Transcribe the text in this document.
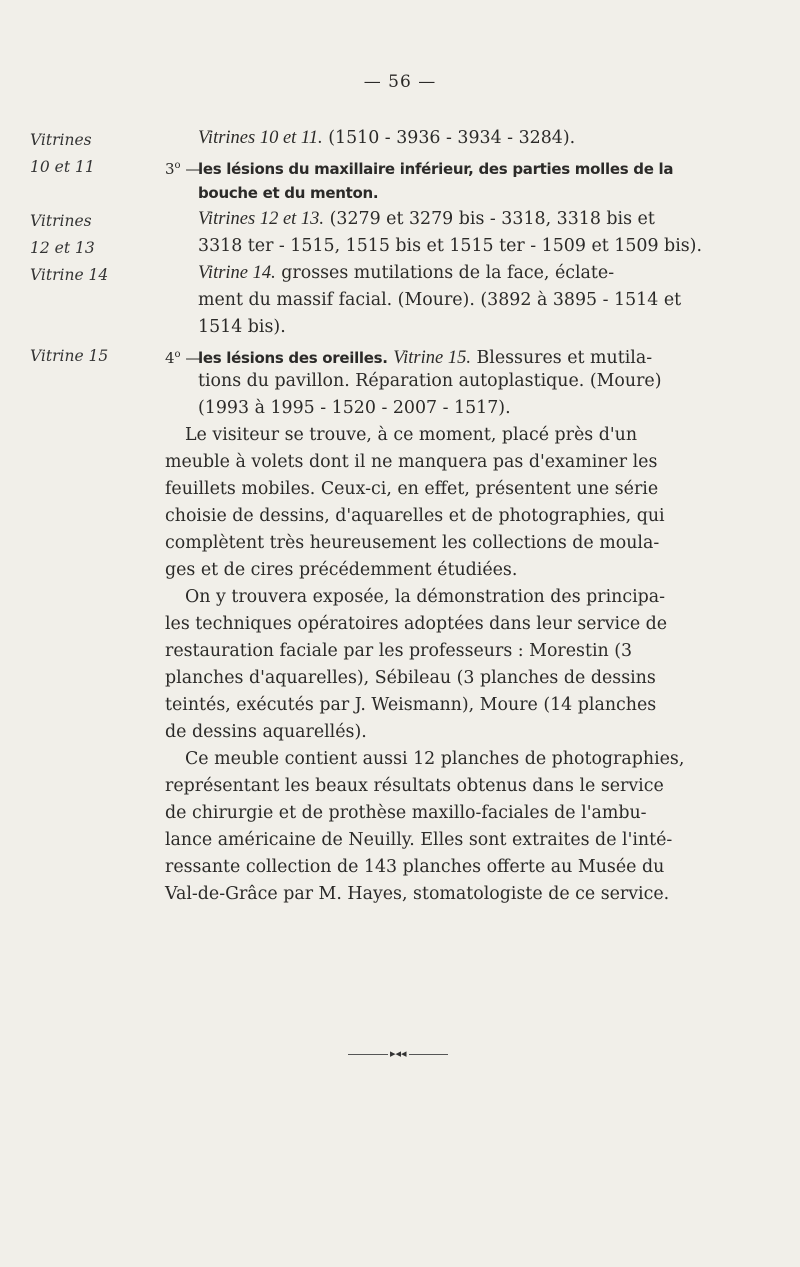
— 56 —
Vitrines
10 et 11
Vitrines
12 et 13
Vitrine 14
Vitrine 15
Vitrines 10 et 11. (1510 - 3936 - 3934 - 3284).
3$^o$ —les lésions du maxillaire inférieur, des parties molles de la
bouche et du menton.
Vitrines 12 et 13. (3279 et 3279 bis - 3318, 3318 bis et
3318 ter - 1515, 1515 bis et 1515 ter - 1509 et 1509 bis).
Vitrine 14. grosses mutilations de la face, éclate-
ment du massif facial. (Moure). (3892 à 3895 - 1514 et
1514 bis).
4$^o$ —les lésions des oreilles. Vitrine 15. Blessures et mutila-
tions du pavillon. Réparation autoplastique. (Moure)
(1993 à 1995 - 1520 - 2007 - 1517).
Le visiteur se trouve, à ce moment, placé près d'un
meuble à volets dont il ne manquera pas d'examiner les
feuillets mobiles. Ceux-ci, en effet, présentent une série
choisie de dessins, d'aquarelles et de photographies, qui
complètent très heureusement les collections de moula-
ges et de cires précédemment étudiées.
On y trouvera exposée, la démonstration des principa-
les techniques opératoires adoptées dans leur service de
restauration faciale par les professeurs : Morestin (3
planches d'aquarelles), Sébileau (3 planches de dessins
teintés, exécutés par J. Weismann), Moure (14 planches
de dessins aquarellés).
Ce meuble contient aussi 12 planches de photographies,
représentant les beaux résultats obtenus dans le service
de chirurgie et de prothèse maxillo-faciales de l'ambu-
lance américaine de Neuilly. Elles sont extraites de l'inté-
ressante collection de 143 planches offerte au Musée du
Val-de-Grâce par M. Hayes, stomatologiste de ce service.
▸◂◂
